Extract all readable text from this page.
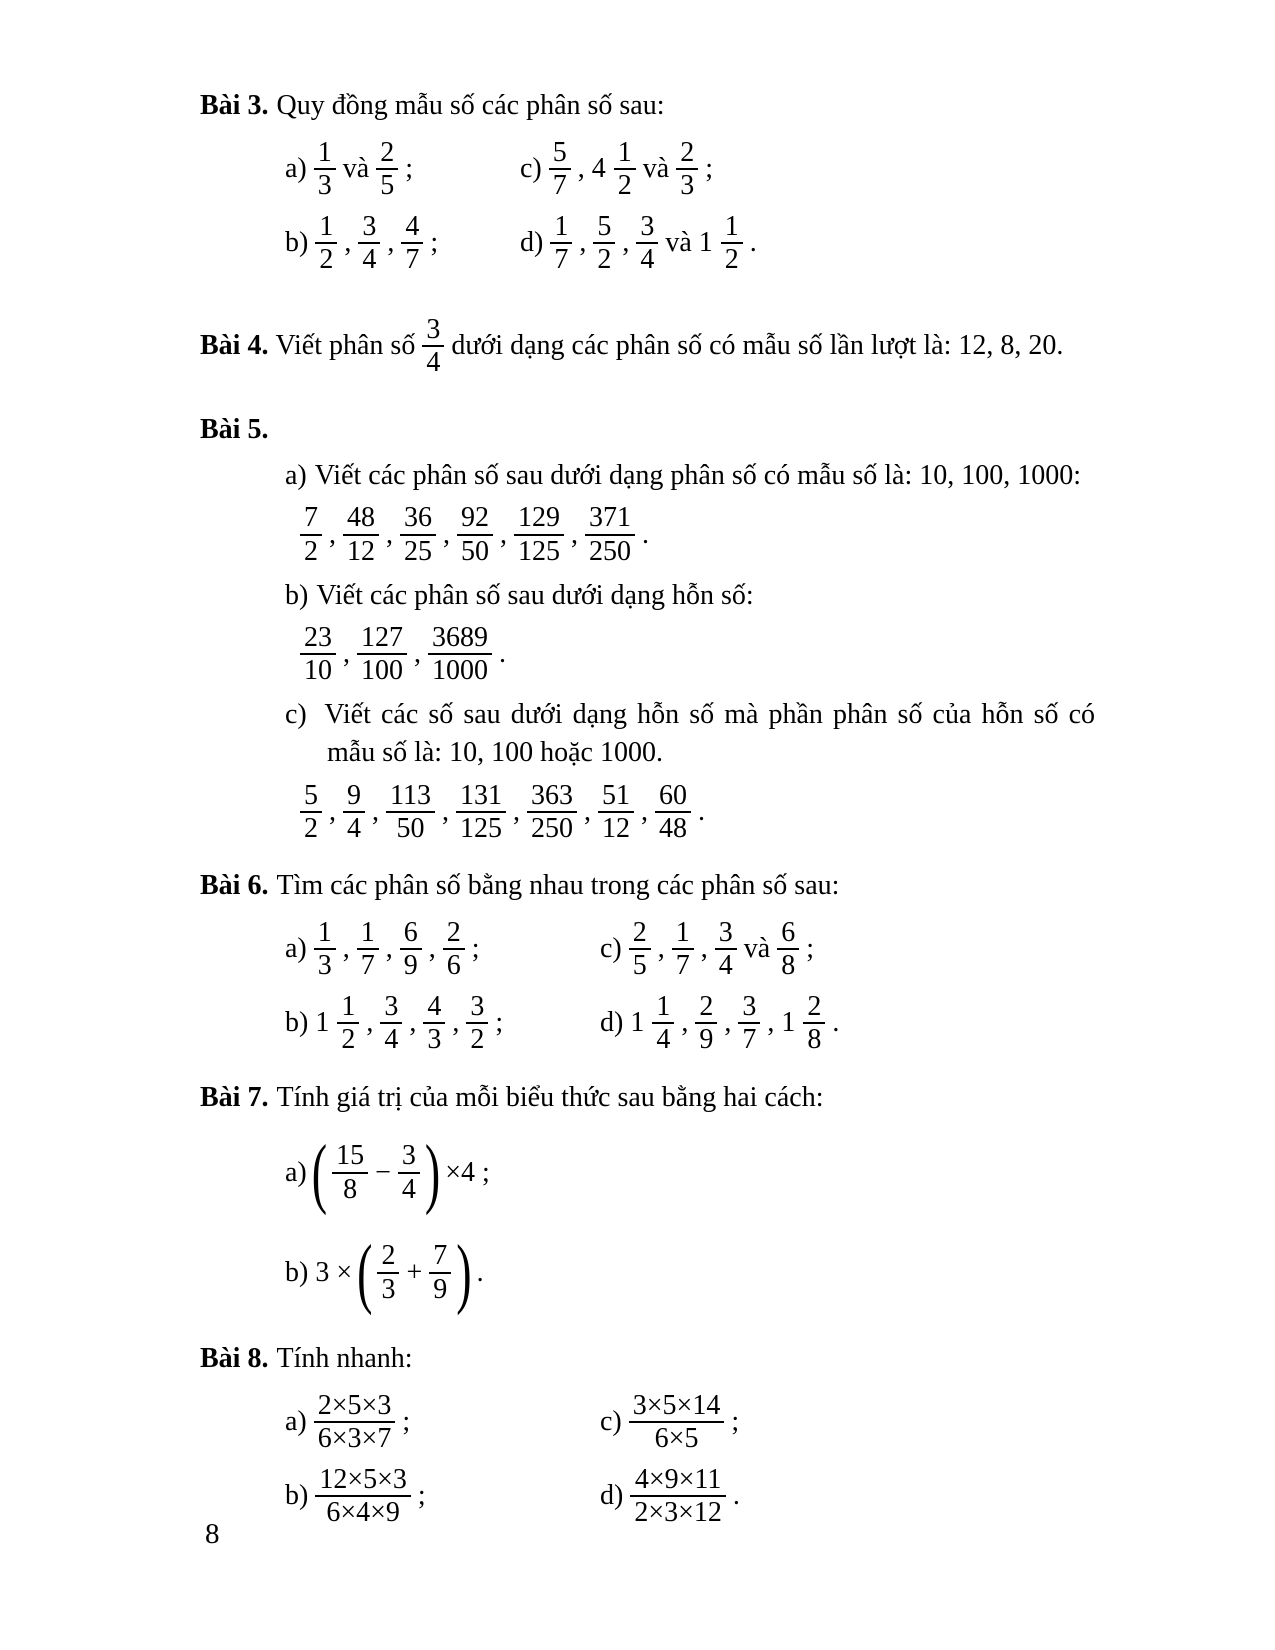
Bài 3. Quy đồng mẫu số các phân số sau:
$a) \frac{1}{3}$ và $\frac{2}{5}$ ;	$c) \frac{5}{7}$ , $4 \frac{1}{2}$ và $\frac{2}{3}$ ;
$b) \frac{1}{2}$ , $\frac{3}{4}$ , $\frac{4}{7}$ ;	$d) \frac{1}{7}$ , $\frac{5}{2}$ , $\frac{3}{4}$ và $1 \frac{1}{2}$ .
Bài 4. Viết phân số $\frac{3}{4}$ dưới dạng các phân số có mẫu số lần lượt là: 12, 8, 20.
Bài 5.
a) Viết các phân số sau dưới dạng phân số có mẫu số là: 10, 100, 1000:
$\frac{7}{2}$ , $\frac{48}{12}$ , $\frac{36}{25}$ , $\frac{92}{50}$ , $\frac{129}{125}$ , $\frac{371}{250}$ .
b) Viết các phân số sau dưới dạng hỗn số:
$\frac{23}{10}$ , $\frac{127}{100}$ , $\frac{3689}{1000}$ .
c) Viết các số sau dưới dạng hỗn số mà phần phân số của hỗn số có mẫu số là: 10, 100 hoặc 1000.
$\frac{5}{2}$ , $\frac{9}{4}$ , $\frac{113}{50}$ , $\frac{131}{125}$ , $\frac{363}{250}$ , $\frac{51}{12}$ , $\frac{60}{48}$ .
Bài 6. Tìm các phân số bằng nhau trong các phân số sau:
$a) \frac{1}{3}$ , $\frac{1}{7}$ , $\frac{6}{9}$ , $\frac{2}{6}$ ;	$c) \frac{2}{5}$ , $\frac{1}{7}$ , $\frac{3}{4}$ và $\frac{6}{8}$ ;
b) $1 \frac{1}{2}$ , $\frac{3}{4}$ , $\frac{4}{3}$ , $\frac{3}{2}$ ;	d) $1 \frac{1}{4}$ , $\frac{2}{9}$ , $\frac{3}{7}$ , $1 \frac{2}{8}$ .
Bài 7. Tính giá trị của mỗi biểu thức sau bằng hai cách:
a) ( $\frac{15}{8} - \frac{3}{4}$ ) ×4 ;
b) 3 × ( $\frac{2}{3} + \frac{7}{9}$ ) .
Bài 8. Tính nhanh:
$a) \frac{2\times 5\times 3}{6\times 3\times 7}$ ;	$c) \frac{3\times 5\times 14}{6\times 5}$ ;
$b) \frac{12\times 5\times 3}{6\times 4\times 9}$ ;	$d) \frac{4\times 9\times 11}{2\times 3\times 12}$ .
8
